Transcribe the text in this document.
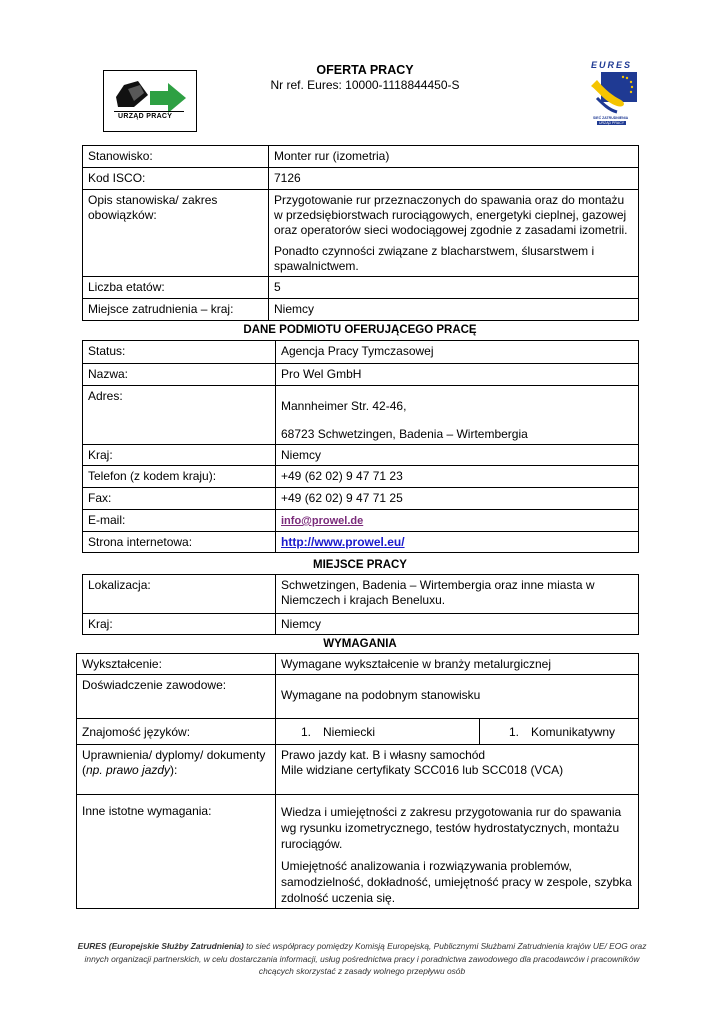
URZĄD PRACY
OFERTA PRACY
Nr ref. Eures: 10000-1118844450-S
EURES
SIEĆ ZATRUDNIENIA
URZĄD PRACY
Stanowisko:	Monter rur (izometria)
Kod ISCO:	7126
Opis stanowiska/ zakres obowiązków:	Przygotowanie rur przeznaczonych do spawania oraz do montażu w przedsiębiorstwach rurociągowych, energetyki cieplnej, gazowej oraz operatorów sieci wodociągowej zgodnie z zasadami izometrii.

Ponadto czynności związane z blacharstwem, ślusarstwem i spawalnictwem.

Liczba etatów:	5
Miejsce zatrudnienia – kraj:	Niemcy
DANE PODMIOTU OFERUJĄCEGO PRACĘ
Status:	Agencja Pracy Tymczasowej
Nazwa:	Pro Wel GmbH
Adres:	Mannheimer Str. 42-46,
68723 Schwetzingen, Badenia – Wirtembergia

Kraj:	Niemcy
Telefon (z kodem kraju):	+49 (62 02) 9 47 71 23
Fax:	+49 (62 02) 9 47 71 25
E-mail:	info@prowel.de
Strona internetowa:	http://www.prowel.eu/
MIEJSCE PRACY
Lokalizacja:	Schwetzingen, Badenia – Wirtembergia oraz inne miasta w Niemczech i krajach Beneluxu.
Kraj:	Niemcy
WYMAGANIA
Wykształcenie:	Wymagane wykształcenie w branży metalurgicznej	
Doświadczenie zawodowe:	Wymagane na podobnym stanowisku	

Znajomość języków:	1. Niemiecki	1. Komunikatywny
Uprawnienia/ dyplomy/ dokumenty (np. prawo jazdy):	Prawo jazdy kat. B i własny samochód
Mile widziane certyfikaty SCC016 lub SCC018 (VCA)	

Inne istotne wymagania:	Wiedza i umiejętności z zakresu przygotowania rur do spawania wg rysunku izometrycznego, testów hydrostatycznych, montażu rurociągów.

Umiejętność analizowania i rozwiązywania problemów, samodzielność, dokładność, umiejętność pracy w zespole, szybka zdolność uczenia się.	

EURES (Europejskie Służby Zatrudnienia) to sieć współpracy pomiędzy Komisją Europejską, Publicznymi Służbami Zatrudnienia krajów UE/ EOG oraz innych organizacji partnerskich, w celu dostarczania informacji, usług pośrednictwa pracy i poradnictwa zawodowego dla pracodawców i pracowników chcących skorzystać z zasady wolnego przepływu osób
